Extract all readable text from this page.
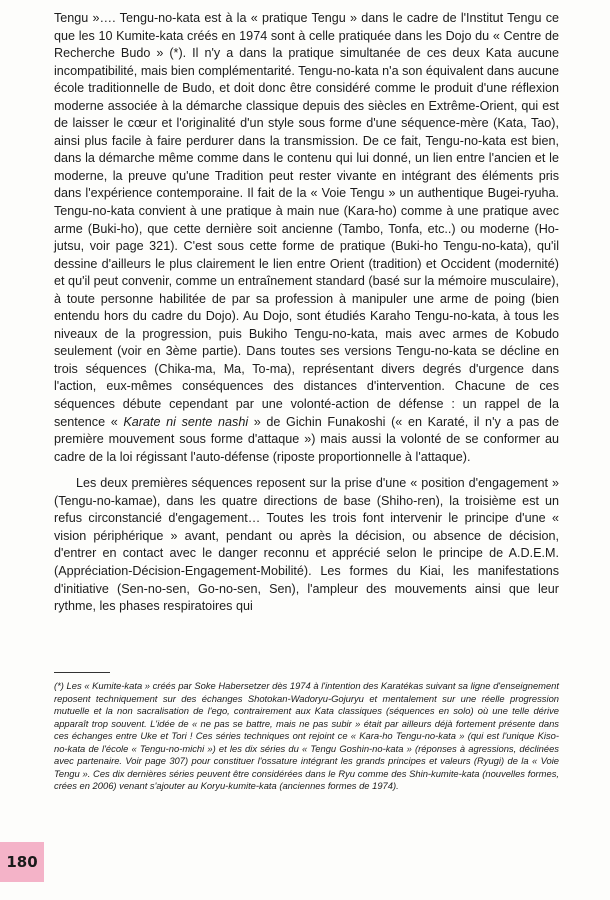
Tengu »…. Tengu-no-kata est à la « pratique Tengu » dans le cadre de l'Institut Tengu ce que les 10 Kumite-kata créés en 1974 sont à celle pratiquée dans les Dojo du « Centre de Recherche Budo » (*). Il n'y a dans la pratique simultanée de ces deux Kata aucune incompatibilité, mais bien complémentarité. Tengu-no-kata n'a son équivalent dans aucune école traditionnelle de Budo, et doit donc être considéré comme le produit d'une réflexion moderne associée à la démarche classique depuis des siècles en Extrême-Orient, qui est de laisser le cœur et l'originalité d'un style sous forme d'une séquence-mère (Kata, Tao), ainsi plus facile à faire perdurer dans la transmission. De ce fait, Tengu-no-kata est bien, dans la démarche même comme dans le contenu qui lui donné, un lien entre l'ancien et le moderne, la preuve qu'une Tradition peut rester vivante en intégrant des éléments pris dans l'expérience contemporaine. Il fait de la « Voie Tengu » un authentique Bugei-ryuha. Tengu-no-kata convient à une pratique à main nue (Kara-ho) comme à une pratique avec arme (Buki-ho), que cette dernière soit ancienne (Tambo, Tonfa, etc..) ou moderne (Ho-jutsu, voir page 321). C'est sous cette forme de pratique (Buki-ho Tengu-no-kata), qu'il dessine d'ailleurs le plus clairement le lien entre Orient (tradition) et Occident (modernité) et qu'il peut convenir, comme un entraînement standard (basé sur la mémoire musculaire), à toute personne habilitée de par sa profession à manipuler une arme de poing (bien entendu hors du cadre du Dojo). Au Dojo, sont étudiés Karaho Tengu-no-kata, à tous les niveaux de la progression, puis Bukiho Tengu-no-kata, mais avec armes de Kobudo seulement (voir en 3ème partie). Dans toutes ses versions Tengu-no-kata se décline en trois séquences (Chika-ma, Ma, To-ma), représentant divers degrés d'urgence dans l'action, eux-mêmes conséquences des distances d'intervention. Chacune de ces séquences débute cependant par une volonté-action de défense : un rappel de la sentence « Karate ni sente nashi » de Gichin Funakoshi (« en Karaté, il n'y a pas de première mouvement sous forme d'attaque ») mais aussi la volonté de se conformer au cadre de la loi régissant l'auto-défense (riposte proportionnelle à l'attaque).

Les deux premières séquences reposent sur la prise d'une « position d'engagement » (Tengu-no-kamae), dans les quatre directions de base (Shiho-ren), la troisième est un refus circonstancié d'engagement… Toutes les trois font intervenir le principe d'une « vision périphérique » avant, pendant ou après la décision, ou absence de décision, d'entrer en contact avec le danger reconnu et apprécié selon le principe de A.D.E.M. (Appréciation-Décision-Engagement-Mobilité). Les formes du Kiai, les manifestations d'initiative (Sen-no-sen, Go-no-sen, Sen), l'ampleur des mouvements ainsi que leur rythme, les phases respiratoires qui

(*) Les « Kumite-kata » créés par Soke Habersetzer dès 1974 à l'intention des Karatékas suivant sa ligne d'enseignement reposent techniquement sur des échanges Shotokan-Wadoryu-Gojuryu et mentalement sur une réelle progression mutuelle et la non sacralisation de l'ego, contrairement aux Kata classiques (séquences en solo) où une telle dérive apparaît trop souvent. L'idée de « ne pas se battre, mais ne pas subir » était par ailleurs déjà fortement présente dans ces échanges entre Uke et Tori ! Ces séries techniques ont rejoint ce « Kara-ho Tengu-no-kata » (qui est l'unique Kiso-no-kata de l'école « Tengu-no-michi ») et les dix séries du « Tengu Goshin-no-kata » (réponses à agressions, déclinées avec partenaire. Voir page 307) pour constituer l'ossature intégrant les grands principes et valeurs (Ryugi) de la « Voie Tengu ». Ces dix dernières séries peuvent être considérées dans le Ryu comme des Shin-kumite-kata (nouvelles formes, crées en 2006) venant s'ajouter au Koryu-kumite-kata (anciennes formes de 1974).

180
